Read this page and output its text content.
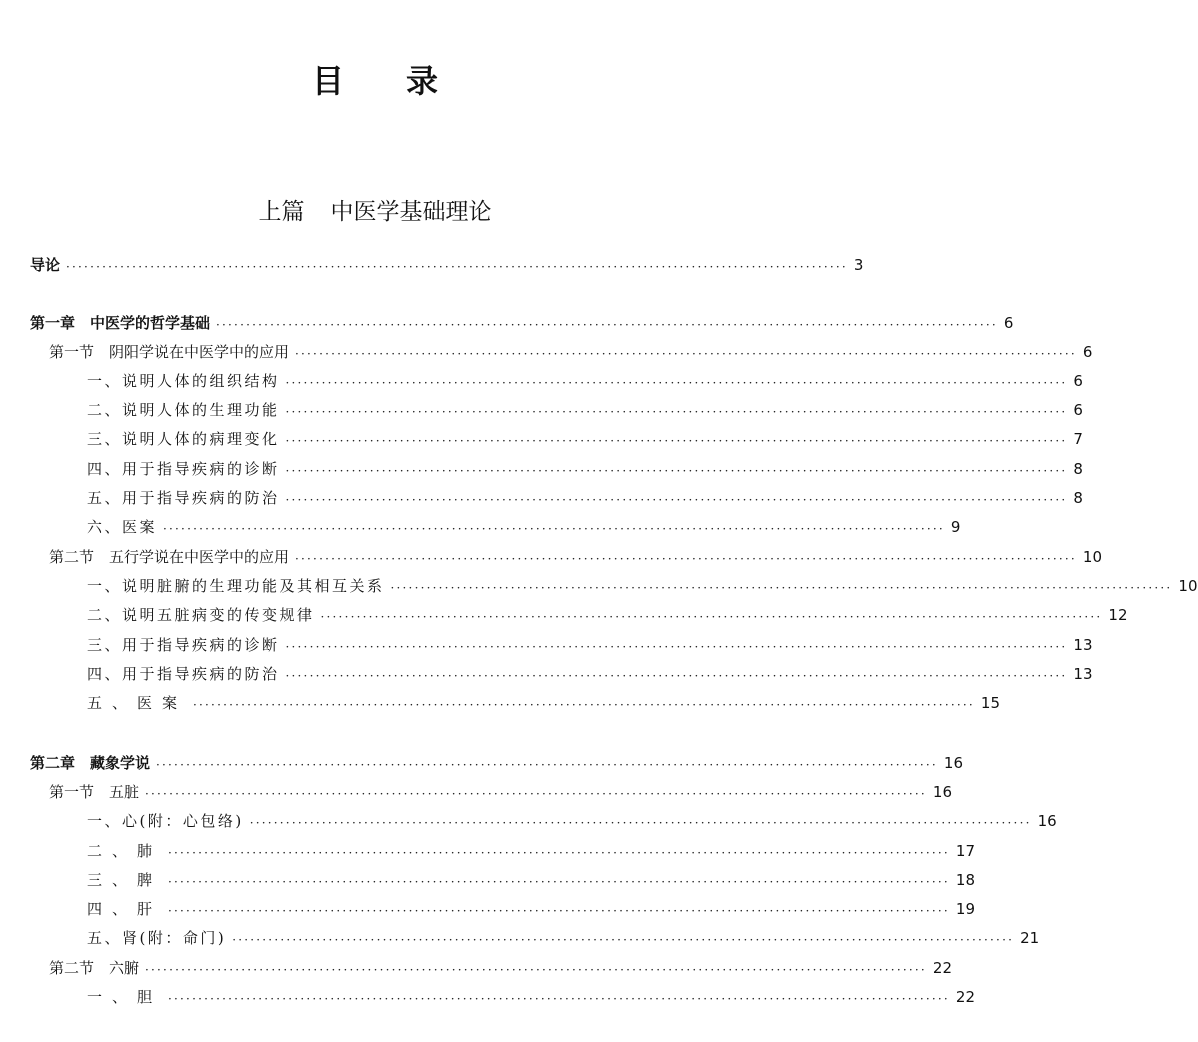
目录
上篇 中医学基础理论
导论 ·································································································································· 3
第一章　中医学的哲学基础 ·································································································································· 6
第一节　阴阳学说在中医学中的应用 ·································································································································· 6
一、说明人体的组织结构 ·································································································································· 6
二、说明人体的生理功能 ·································································································································· 6
三、说明人体的病理变化 ·································································································································· 7
四、用于指导疾病的诊断 ·································································································································· 8
五、用于指导疾病的防治 ·································································································································· 8
六、医案 ·································································································································· 9
第二节　五行学说在中医学中的应用 ·································································································································· 10
一、说明脏腑的生理功能及其相互关系 ·································································································································· 10
二、说明五脏病变的传变规律 ·································································································································· 12
三、用于指导疾病的诊断 ·································································································································· 13
四、用于指导疾病的防治 ·································································································································· 13
五、医案 ·································································································································· 15
第二章　藏象学说 ·································································································································· 16
第一节　五脏 ·································································································································· 16
一、心(附：心包络) ·································································································································· 16
二、肺 ·································································································································· 17
三、脾 ·································································································································· 18
四、肝 ·································································································································· 19
五、肾(附：命门) ·································································································································· 21
第二节　六腑 ·································································································································· 22
一、胆 ·································································································································· 22
